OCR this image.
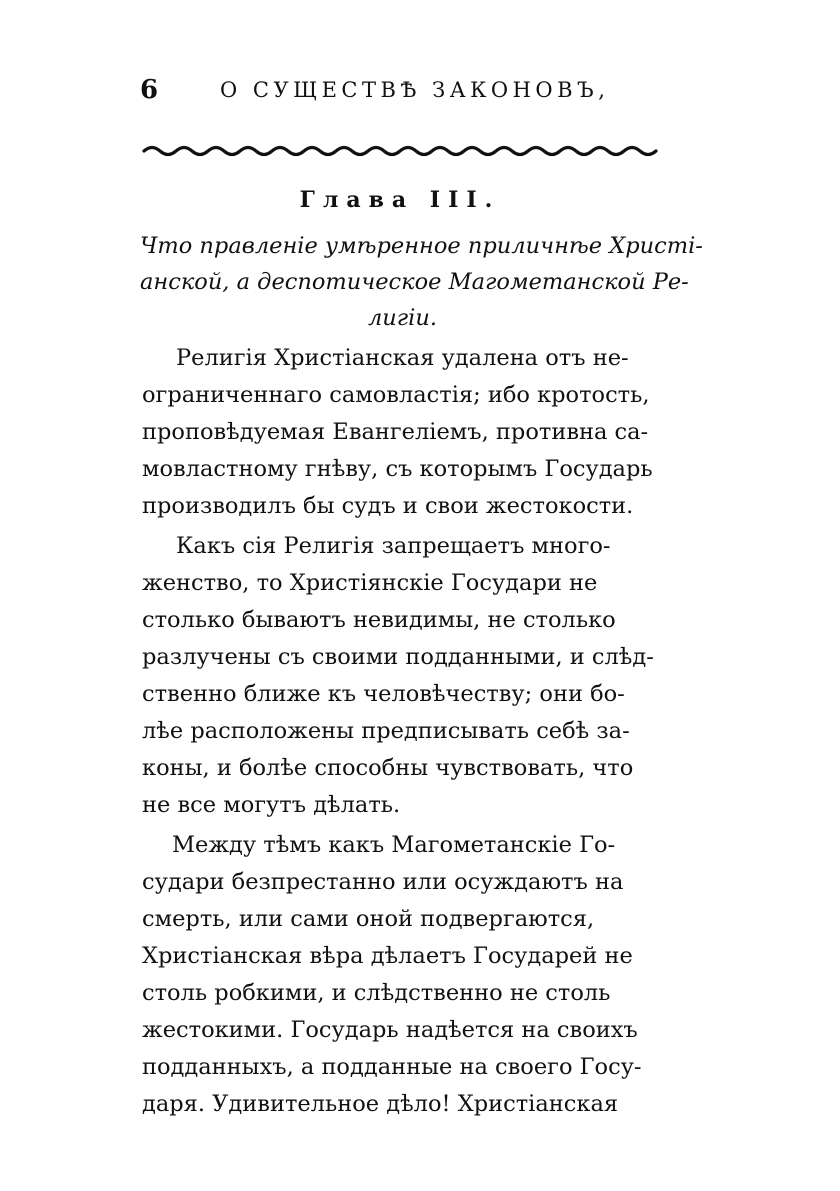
6	О СУЩЕСТВѢ ЗАКОНОВЪ,
Глава III.
Что правленіе умѣренное приличнѣе Христі-
анской, а деспотическое Магометанской Ре-
лигіи.
Религія Христіанская удалена отъ не-
ограниченнаго самовластія; ибо кротость,
проповѣдуемая Евангеліемъ, противна са-
мовластному гнѣву, съ которымъ Государь
производилъ бы судъ и свои жестокости.
Какъ сія Религія запрещаетъ много-
женство, то Христіянскіе Государи не
столько бываютъ невидимы, не столько
разлучены съ своими подданными, и слѣд-
ственно ближе къ человѣчеству; они бо-
лѣе расположены предписывать себѣ за-
коны, и болѣе способны чувствовать, что
не все могутъ дѣлать.
Между тѣмъ какъ Магометанскіе Го-
судари безпрестанно или осуждаютъ на
смерть, или сами оной подвергаются,
Христіанская вѣра дѣлаетъ Государей не
столь робкими, и слѣдственно не столь
жестокими. Государь надѣется на своихъ
подданныхъ, а подданные на своего Госу-
даря. Удивительное дѣло! Христіанская
